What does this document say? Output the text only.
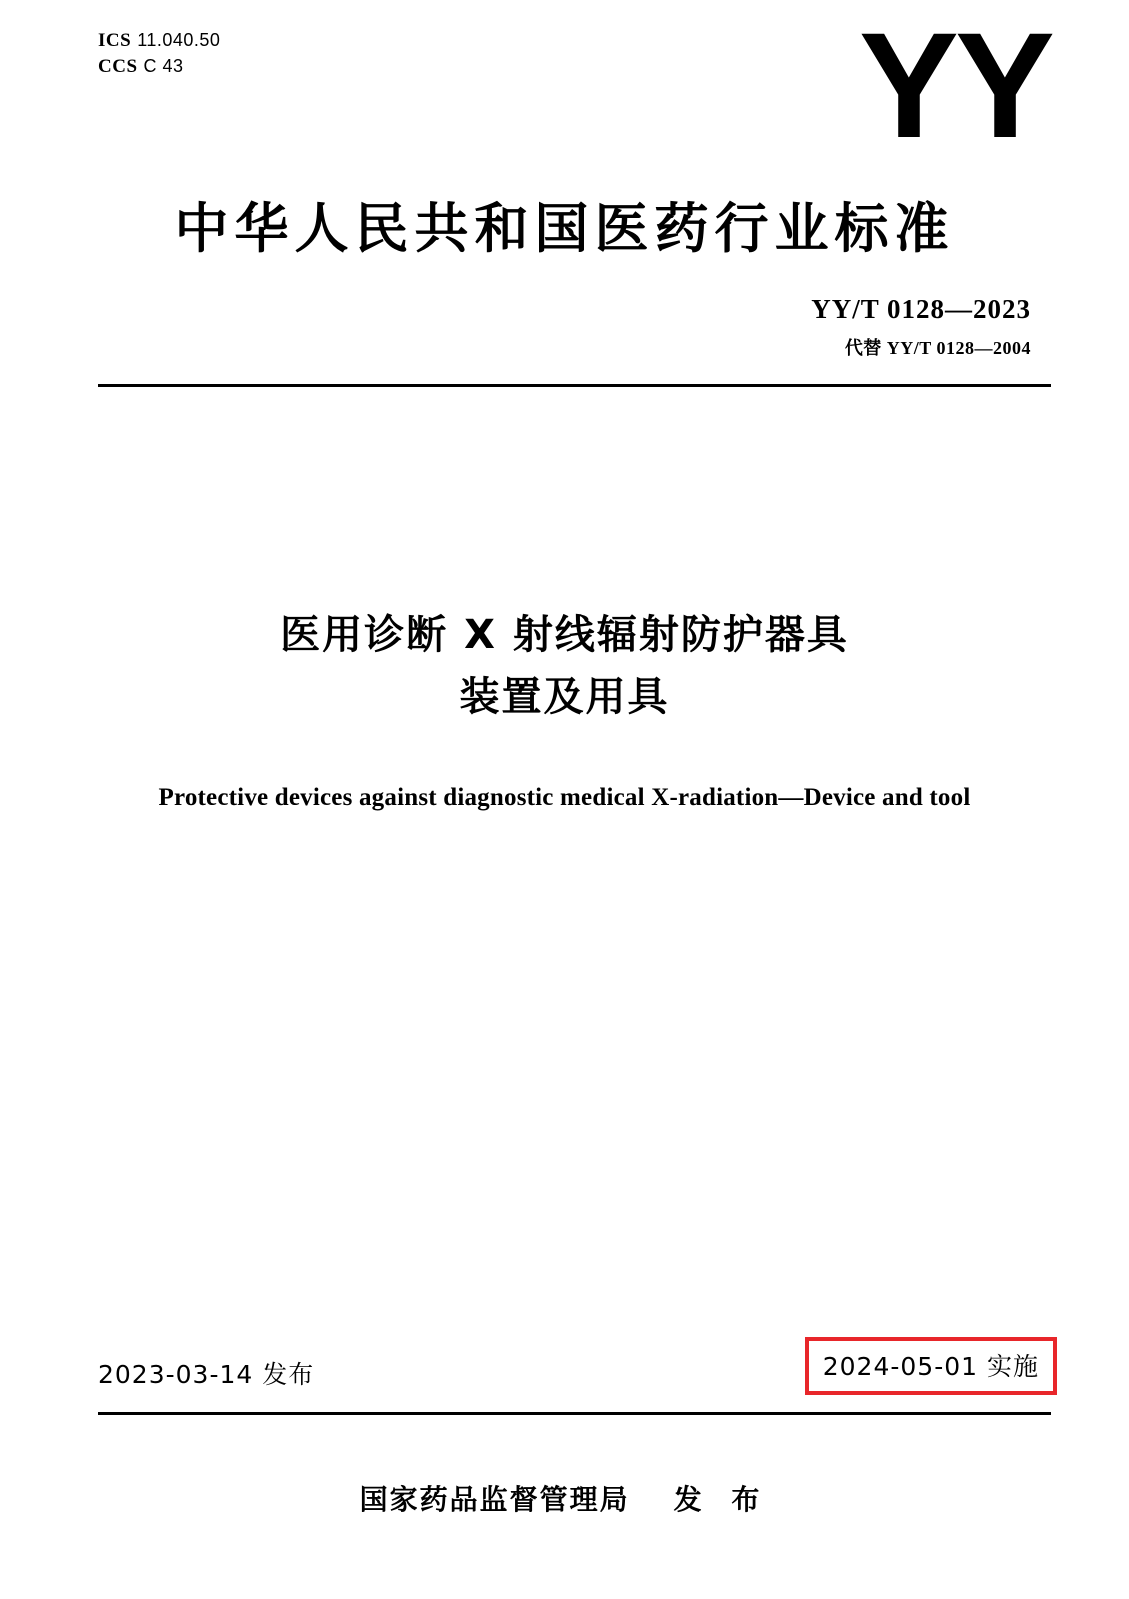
ICS 11.040.50
CCS C 43	YY
中华人民共和国医药行业标准
YY/T 0128—2023
代替 YY/T 0128—2004
医用诊断 X 射线辐射防护器具
装置及用具
Protective devices against diagnostic medical X-radiation—Device and tool
2023-03-14 发布	2024-05-01 实施
国家药品监督管理局 发 布
